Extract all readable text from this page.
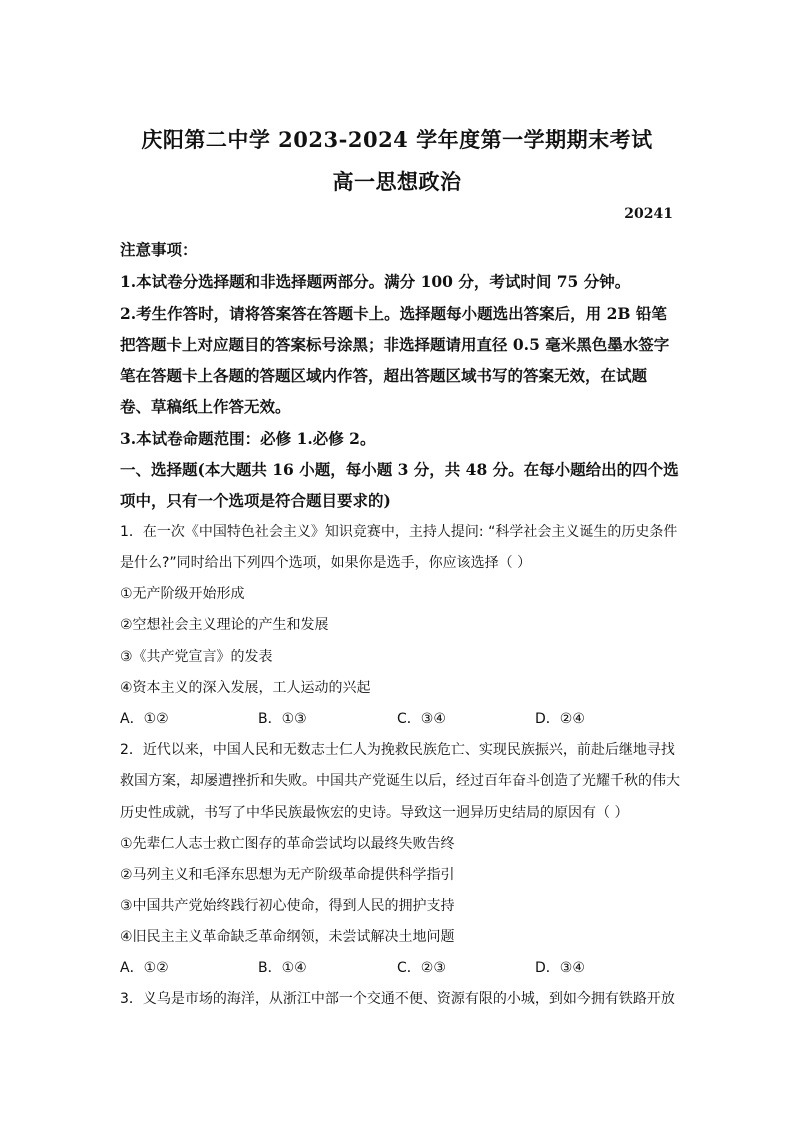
庆阳第二中学 2023-2024 学年度第一学期期末考试
高一思想政治
20241
注意事项：
1.本试卷分选择题和非选择题两部分。满分 100 分，考试时间 75 分钟。
2.考生作答时，请将答案答在答题卡上。选择题每小题选出答案后，用 2B 铅笔
把答题卡上对应题目的答案标号涂黑；非选择题请用直径 0.5 毫米黑色墨水签字
笔在答题卡上各题的答题区域内作答，超出答题区域书写的答案无效，在试题
卷、草稿纸上作答无效。
3.本试卷命题范围：必修 1.必修 2。
一、选择题(本大题共 16 小题，每小题 3 分，共 48 分。在每小题给出的四个选
项中，只有一个选项是符合题目要求的)
1．在一次《中国特色社会主义》知识竞赛中，主持人提问: “科学社会主义诞生的历史条件
是什么?”同时给出下列四个选项，如果你是选手，你应该选择（ ）
①无产阶级开始形成
②空想社会主义理论的产生和发展
③《共产党宣言》的发表
④资本主义的深入发展，工人运动的兴起
A．①②	B．①③	C．③④	D．②④
2．近代以来，中国人民和无数志士仁人为挽救民族危亡、实现民族振兴，前赴后继地寻找
救国方案，却屡遭挫折和失败。中国共产党诞生以后，经过百年奋斗创造了光耀千秋的伟大
历史性成就，书写了中华民族最恢宏的史诗。导致这一迥异历史结局的原因有（ ）
①先辈仁人志士救亡图存的革命尝试均以最终失败告终
②马列主义和毛泽东思想为无产阶级革命提供科学指引
③中国共产党始终践行初心使命，得到人民的拥护支持
④旧民主主义革命缺乏革命纲领，未尝试解决土地问题
A．①②	B．①④	C．②③	D．③④
3．义乌是市场的海洋，从浙江中部一个交通不便、资源有限的小城，到如今拥有铁路开放
